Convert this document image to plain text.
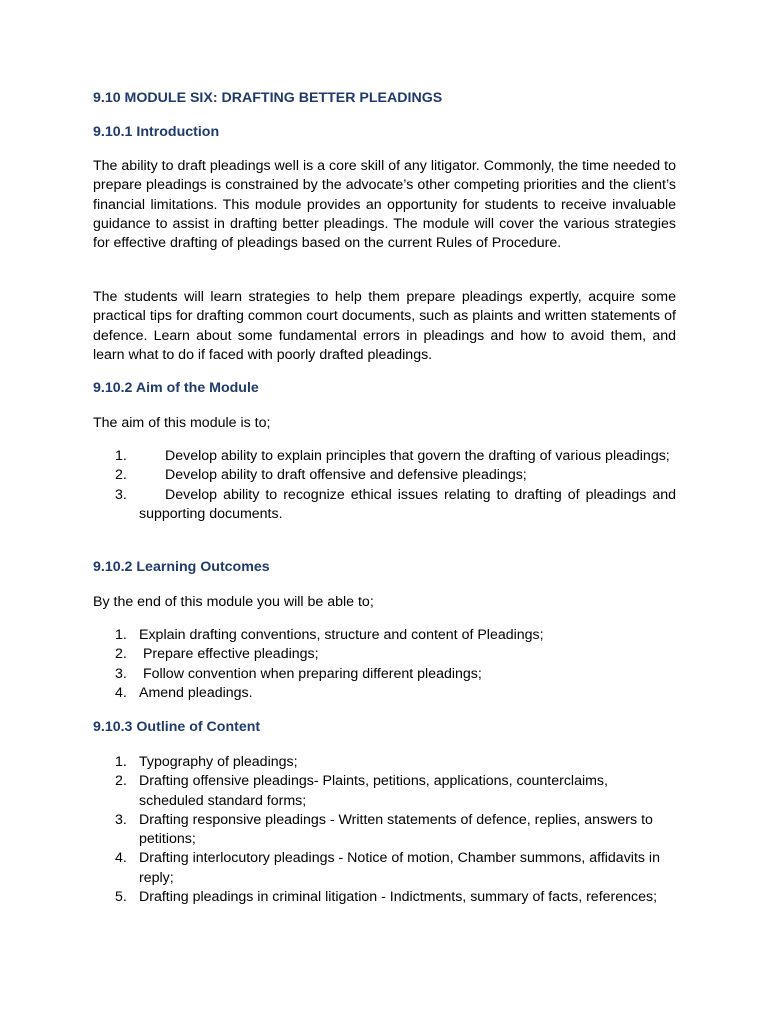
9.10 MODULE SIX: DRAFTING BETTER PLEADINGS
9.10.1 Introduction

The ability to draft pleadings well is a core skill of any litigator. Commonly, the time needed to prepare pleadings is constrained by the advocate’s other competing priorities and the client’s financial limitations. This module provides an opportunity for students to receive invaluable guidance to assist in drafting better pleadings. The module will cover the various strategies for effective drafting of pleadings based on the current Rules of Procedure.

The students will learn strategies to help them prepare pleadings expertly, acquire some practical tips for drafting common court documents, such as plaints and written statements of defence. Learn about some fundamental errors in pleadings and how to avoid them, and learn what to do if faced with poorly drafted pleadings.

9.10.2 Aim of the Module

The aim of this module is to;

1.	Develop ability to explain principles that govern the drafting of various pleadings;
2.	Develop ability to draft offensive and defensive pleadings;
3.	Develop ability to recognize ethical issues relating to drafting of pleadings and supporting documents.
9.10.2 Learning Outcomes

By the end of this module you will be able to;

1. Explain drafting conventions, structure and content of Pleadings;
2. Prepare effective pleadings;
3. Follow convention when preparing different pleadings;
4. Amend pleadings.
9.10.3 Outline of Content
1. Typography of pleadings;
2. Drafting offensive pleadings- Plaints, petitions, applications, counterclaims, scheduled standard forms;
3. Drafting responsive pleadings - Written statements of defence, replies, answers to petitions;
4. Drafting interlocutory pleadings - Notice of motion, Chamber summons, affidavits in reply;
5. Drafting pleadings in criminal litigation - Indictments, summary of facts, references;
